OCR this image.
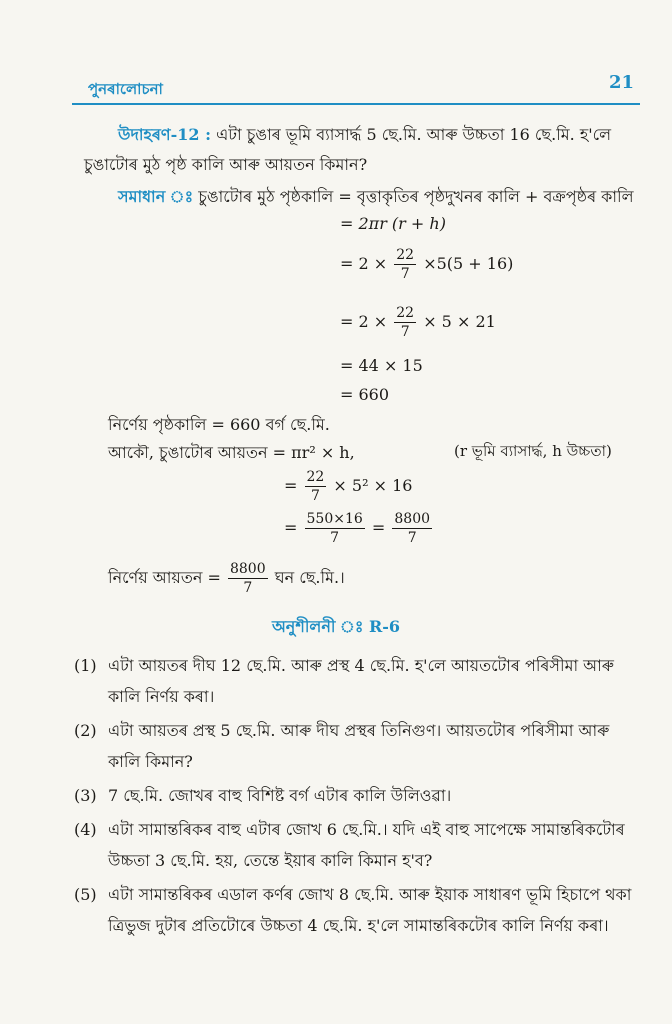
পুনৰালোচনা	21
উদাহৰণ-12 : এটা চুঙাৰ ভূমি ব্যাসাৰ্দ্ধ 5 ছে.মি. আৰু উচ্চতা 16 ছে.মি. হ'লে
চুঙাটোৰ মুঠ পৃষ্ঠ কালি আৰু আয়তন কিমান?
সমাধান ঃ চুঙাটোৰ মুঠ পৃষ্ঠকালি = বৃত্তাকৃতিৰ পৃষ্ঠদুখনৰ কালি + বক্ৰপৃষ্ঠৰ কালি
= 2πr (r + h)
= $2 \times \frac{22}{7} \times 5(5 + 16)$
= $2 \times \frac{22}{7} \times 5 \times 21$
= 44 × 15
= 660
নিৰ্ণেয় পৃষ্ঠকালি = 660 বৰ্গ ছে.মি.
আকৌ, চুঙাটোৰ আয়তন = πr² × h,	(r ভূমি ব্যাসাৰ্দ্ধ, h উচ্চতা)
= $\frac{22}{7} \times 5^2 \times 16$
= $\frac{550\times 16}{7} = \frac{8800}{7}$
নিৰ্ণেয় আয়তন = $\frac{8800}{7}$ ঘন ছে.মি.।
অনুশীলনী ঃ R-6
(1) এটা আয়তৰ দীঘ 12 ছে.মি. আৰু প্ৰস্থ 4 ছে.মি. হ'লে আয়তটোৰ পৰিসীমা আৰু কালি নিৰ্ণয় কৰা।
(2) এটা আয়তৰ প্ৰস্থ 5 ছে.মি. আৰু দীঘ প্ৰস্থৰ তিনিগুণ। আয়তটোৰ পৰিসীমা আৰু কালি কিমান?
(3) 7 ছে.মি. জোখৰ বাহু বিশিষ্ট বৰ্গ এটাৰ কালি উলিওৱা।
(4) এটা সামান্তৰিকৰ বাহু এটাৰ জোখ 6 ছে.মি.। যদি এই বাহু সাপেক্ষে সামান্তৰিকটোৰ উচ্চতা 3 ছে.মি. হয়, তেন্তে ইয়াৰ কালি কিমান হ'ব?
(5) এটা সামান্তৰিকৰ এডাল কৰ্ণৰ জোখ 8 ছে.মি. আৰু ইয়াক সাধাৰণ ভূমি হিচাপে থকা ত্ৰিভুজ দুটাৰ প্ৰতিটোৰে উচ্চতা 4 ছে.মি. হ'লে সামান্তৰিকটোৰ কালি নিৰ্ণয় কৰা।
